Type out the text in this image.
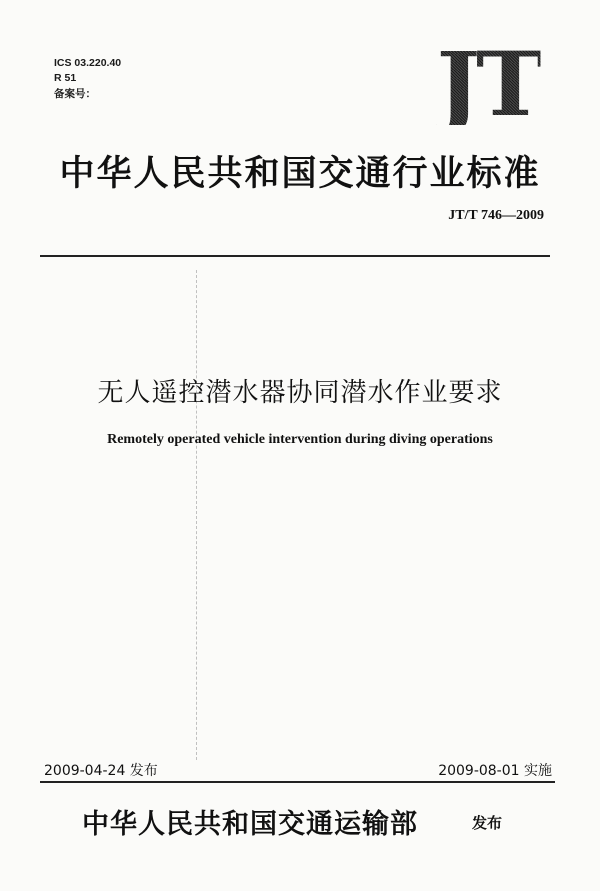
ICS 03.220.40
R 51
备案号：	JT
中华人民共和国交通行业标准
JT/T 746—2009
无人遥控潜水器协同潜水作业要求
Remotely operated vehicle intervention during diving operations
2009-04-24 发布	2009-08-01 实施
中华人民共和国交通运输部	发布
